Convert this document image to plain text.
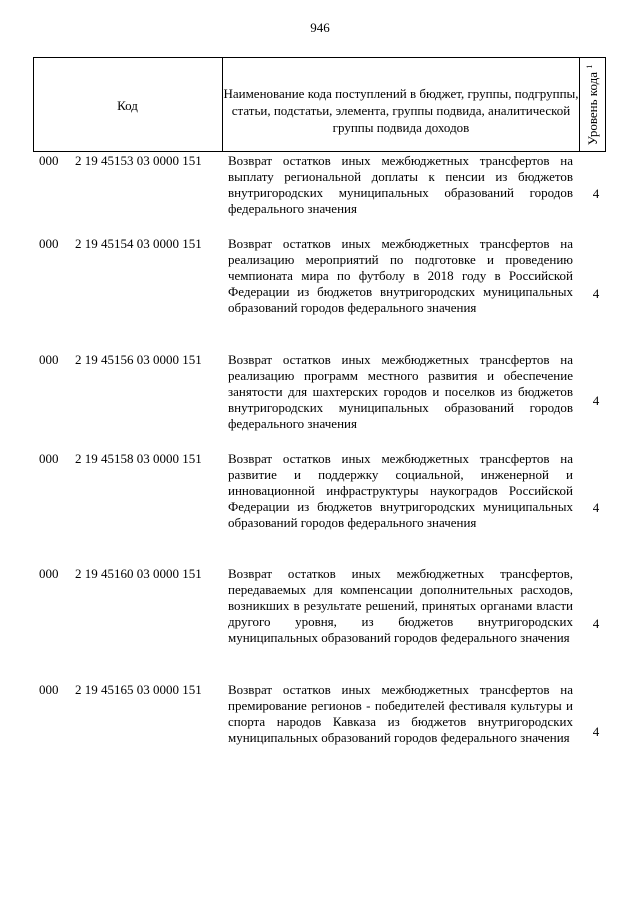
946
Код
Наименование кода поступлений в бюджет, группы, подгруппы, статьи, подстатьи, элемента, группы подвида, аналитической группы подвида доходов	Уровень кода $^1$
000 2 19 45153 03 0000 151 Возврат остатков иных межбюджетных трансфертов на выплату региональной доплаты к пенсии из бюджетов внутригородских муниципальных образований городов федерального значения
4
000 2 19 45154 03 0000 151 Возврат остатков иных межбюджетных трансфертов на реализацию мероприятий по подготовке и проведению чемпионата мира по футболу в 2018 году в Российской Федерации из бюджетов внутригородских муниципальных образований городов федерального значения
4
000 2 19 45156 03 0000 151 Возврат остатков иных межбюджетных трансфертов на реализацию программ местного развития и обеспечение занятости для шахтерских городов и поселков из бюджетов внутригородских муниципальных образований городов федерального значения
4
000 2 19 45158 03 0000 151 Возврат остатков иных межбюджетных трансфертов на развитие и поддержку социальной, инженерной и инновационной инфраструктуры наукоградов Российской Федерации из бюджетов внутригородских муниципальных образований городов федерального значения
4
000 2 19 45160 03 0000 151 Возврат остатков иных межбюджетных трансфертов, передаваемых для компенсации дополнительных расходов, возникших в результате решений, принятых органами власти другого уровня, из бюджетов внутригородских муниципальных образований городов федерального значения
4
000 2 19 45165 03 0000 151 Возврат остатков иных межбюджетных трансфертов на премирование регионов - победителей фестиваля культуры и спорта народов Кавказа из бюджетов внутригородских муниципальных образований городов федерального значения 4
